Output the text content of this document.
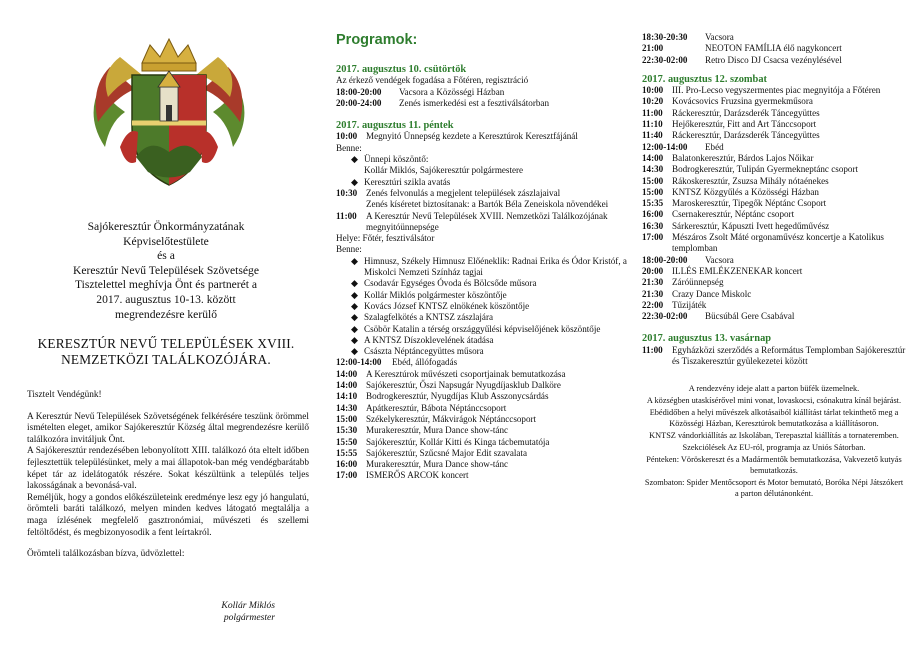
Sajókeresztúr Önkormányzatának
Képviselőtestülete
és a
Keresztúr Nevű Települések Szövetsége
Tisztelettel meghívja Önt és partnerét a
2017. augusztus 10-13. között
megrendezésre kerülő
KERESZTÚR NEVŰ TELEPÜLÉSEK XVIII.
NEMZETKÖZI TALÁLKOZÓJÁRA.

Tisztelt Vendégünk!

A Keresztúr Nevű Települések Szövetségének felkérésére teszünk örömmel ismételten eleget, amikor Sajókeresztúr Község által megrendezésre kerülő találkozóra invitáljuk Önt.

A Sajókeresztúr rendezésében lebonyolított XIII. találkozó óta eltelt időben fejlesztettük településünket, mely a mai állapotok-ban még vendégbarátabb képet tár az idelátogatók részére. Sokat készültünk a település teljes lakosságának a bevonásá-val.

Reméljük, hogy a gondos előkészületeink eredménye lesz egy jó hangulatú, örömteli baráti találkozó, melyen minden kedves látogató megtalálja a maga ízlésének megfelelő gasztronómiai, művészeti és szellemi feltöltődést, és megbizonyosodik a fent leírtakról.

Örömteli találkozásban bízva, üdvözlettel:

Kollár Miklós
polgármester
Programok:

2017. augusztus 10. csütörtök

Az érkező vendégek fogadása a Főtéren, regisztráció

18:00-20:00	Vacsora a Közösségi Házban
20:00-24:00	Zenés ismerkedési est a fesztiválsátorban

2017. augusztus 11. péntek

10:00 Megnyitó Ünnepség kezdete a Keresztúrok Keresztfájánál

Benne:

◆ Ünnepi köszöntő:
Kollár Miklós, Sajókeresztúr polgármestere
◆ Keresztúri szikla avatás
10:30 Zenés felvonulás a megjelent települések zászlajaival
Zenés kíséretet biztosítanak: a Bartók Béla Zeneiskola növendékei
11:00	A Keresztúr Nevű Települések XVIII. Nemzetközi Találkozójának megnyitóünnepsége

Helye: Főtér, fesztiválsátor

Benne:

◆ Himnusz, Székely Himnusz Előéneklik: Radnai Erika és Ódor Kristóf, a Miskolci Nemzeti Színház tagjai
◆ Csodavár Egységes Óvoda és Bölcsőde műsora
◆ Kollár Miklós polgármester köszöntője
◆ Kovács József KNTSZ elnökének köszöntője
◆ Szalagfelkötés a KNTSZ zászlajára
◆ Csöbör Katalin a térség országgyűlési képviselőjének köszöntője
◆ A KNTSZ Díszoklevelének átadása
◆ Császta Néptáncegyüttes műsora
12:00-14:00	Ebéd, állófogadás
14:00 A Keresztúrok művészeti csoportjainak bemutatkozása
14:00 Sajókeresztúr, Őszi Napsugár Nyugdíjasklub Dalköre
14:10 Bodrogkeresztúr, Nyugdíjas Klub Asszonycsárdás
14:30 Apátkeresztúr, Bábota Néptánccsoport
15:00 Székelykeresztúr, Mákvirágok Néptánccsoport
15:30 Murakeresztúr, Mura Dance show-tánc
15:50 Sajókeresztúr, Kollár Kitti és Kinga tácbemutatója
15:55 Sajókeresztúr, Szűcsné Major Edit szavalata
16:00 Murakeresztúr, Mura Dance show-tánc
17:00 ISMERŐS ARCOK koncert
18:30-20:30	Vacsora
21:00	NEOTON FAMÍLIA élő nagykoncert
22:30-02:00	Retro Disco DJ Csacsa vezénylésével

2017. augusztus 12. szombat

10:00 III. Pro-Lecso vegyszermentes piac megnyitója a Főtéren
10:20 Kovácsovics Fruzsina gyermekműsora
11:00	Ráckeresztúr, Darázsderék Táncegyüttes
11:10	Hejőkeresztúr, Fitt and Art Tánccsoport
11:40	Ráckeresztúr, Darázsderék Táncegyüttes
12:00-14:00	Ebéd
14:00 Balatonkeresztúr, Bárdos Lajos Nőikar
14:30 Bodrogkeresztúr, Tulipán Gyermekneptánc csoport
15:00 Rákoskeresztúr, Zsuzsa Mihály nótaénekes
15:00 KNTSZ Közgyűlés a Közösségi Házban
15:35 Maroskeresztúr, Tipegők Néptánc Csoport
16:00 Csernakeresztúr, Néptánc csoport
16:30 Sárkeresztúr, Kápuszti Ivett hegedűművész
17:00 Mészáros Zsolt Máté orgonaművész koncertje a Katolikus templomban
18:00-20:00	Vacsora
20:00 ILLÉS EMLÉKZENEKAR koncert
21:30 Záróünnepség
21:30 Crazy Dance Miskolc
22:00 Tűzijáték
22:30-02:00	Bücsúbál Gere Csabával

2017. augusztus 13. vasárnap

11:00	Egyházközi szerződés a Református Templomban Sajókeresztúr és Tiszakeresztúr gyülekezetei között

A rendezvény ideje alatt a parton büfék üzemelnek.

A községben utaskísérővel mini vonat, lovaskocsi, csónakutra kínál bejárást.

Ebédidőben a helyi művészek alkotásaiból kiállítást tárlat tekinthető meg a Közösségi Házban, Keresztúrok bemutatkozása a kiállításoron.

KNTSZ vándorkiállítás az Iskolában, Terepasztal kiállítás a tornateremben.

Szekciólések Az EU-ról, programja az Uniós Sátorban.

Pénteken: Vöröskereszt és a Madármentők bemutatkozása, Vakvezető kutyás bemutatkozás.

Szombaton: Spider Mentőcsoport és Motor bemutató, Boróka Népi Játszókert a parton délutánonként.
